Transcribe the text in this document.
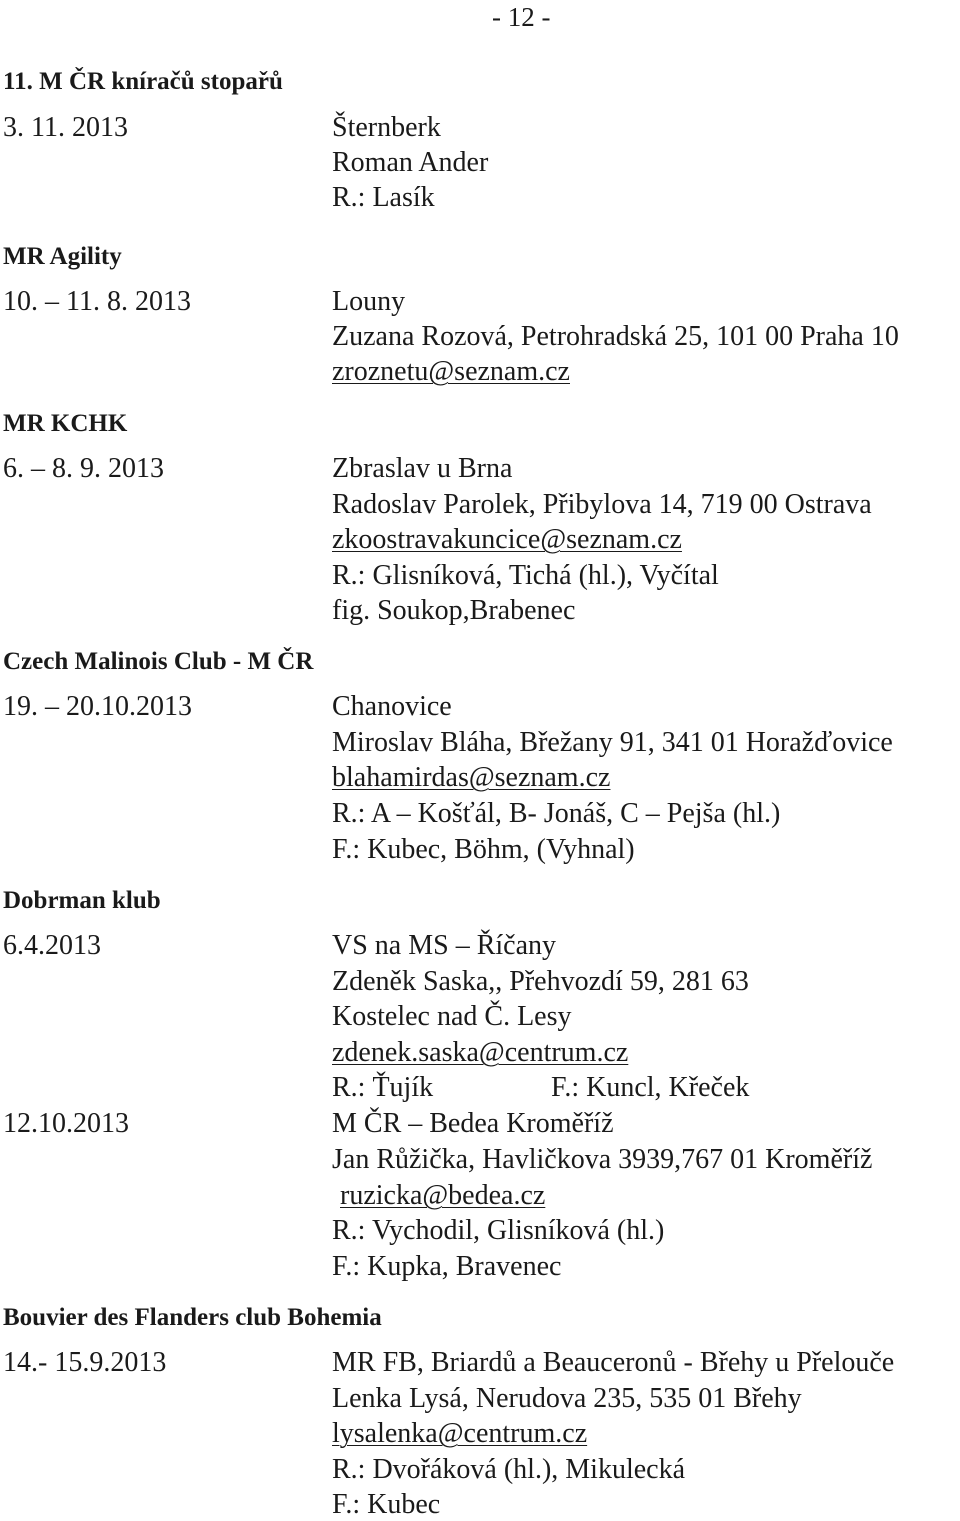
- 12 -
11. M ČR kníračů stopařů
3. 11. 2013	Šternberk
Roman Ander
R.: Lasík
MR Agility
10. – 11. 8. 2013	Louny
Zuzana Rozová, Petrohradská 25, 101 00 Praha 10
zroznetu@seznam.cz
MR KCHK
6. – 8. 9. 2013	Zbraslav u Brna
Radoslav Parolek, Přibylova 14, 719 00 Ostrava
zkoostravakuncice@seznam.cz
R.: Glisníková, Tichá (hl.), Vyčítal
fig. Soukop,Brabenec
Czech Malinois Club - M ČR
19. – 20.10.2013	Chanovice
Miroslav Bláha, Břežany 91, 341 01 Horažďovice
blahamirdas@seznam.cz
R.: A – Košťál, B- Jonáš, C – Pejša (hl.)
F.: Kubec, Böhm, (Vyhnal)
Dobrman klub
6.4.2013	VS na MS – Říčany
Zdeněk Saska,, Přehvozdí 59, 281 63
Kostelec nad Č. Lesy
zdenek.saska@centrum.cz
R.: Ťujík	F.: Kuncl, Křeček
12.10.2013	M ČR – Bedea Kroměříž
Jan Růžička, Havličkova 3939,767 01 Kroměříž
ruzicka@bedea.cz
R.: Vychodil, Glisníková (hl.)
F.: Kupka, Bravenec
Bouvier des Flanders club Bohemia
14.- 15.9.2013	MR FB, Briardů a Beauceronů - Břehy u Přelouče
Lenka Lysá, Nerudova 235, 535 01 Břehy
lysalenka@centrum.cz
R.: Dvořáková (hl.), Mikulecká
F.: Kubec
